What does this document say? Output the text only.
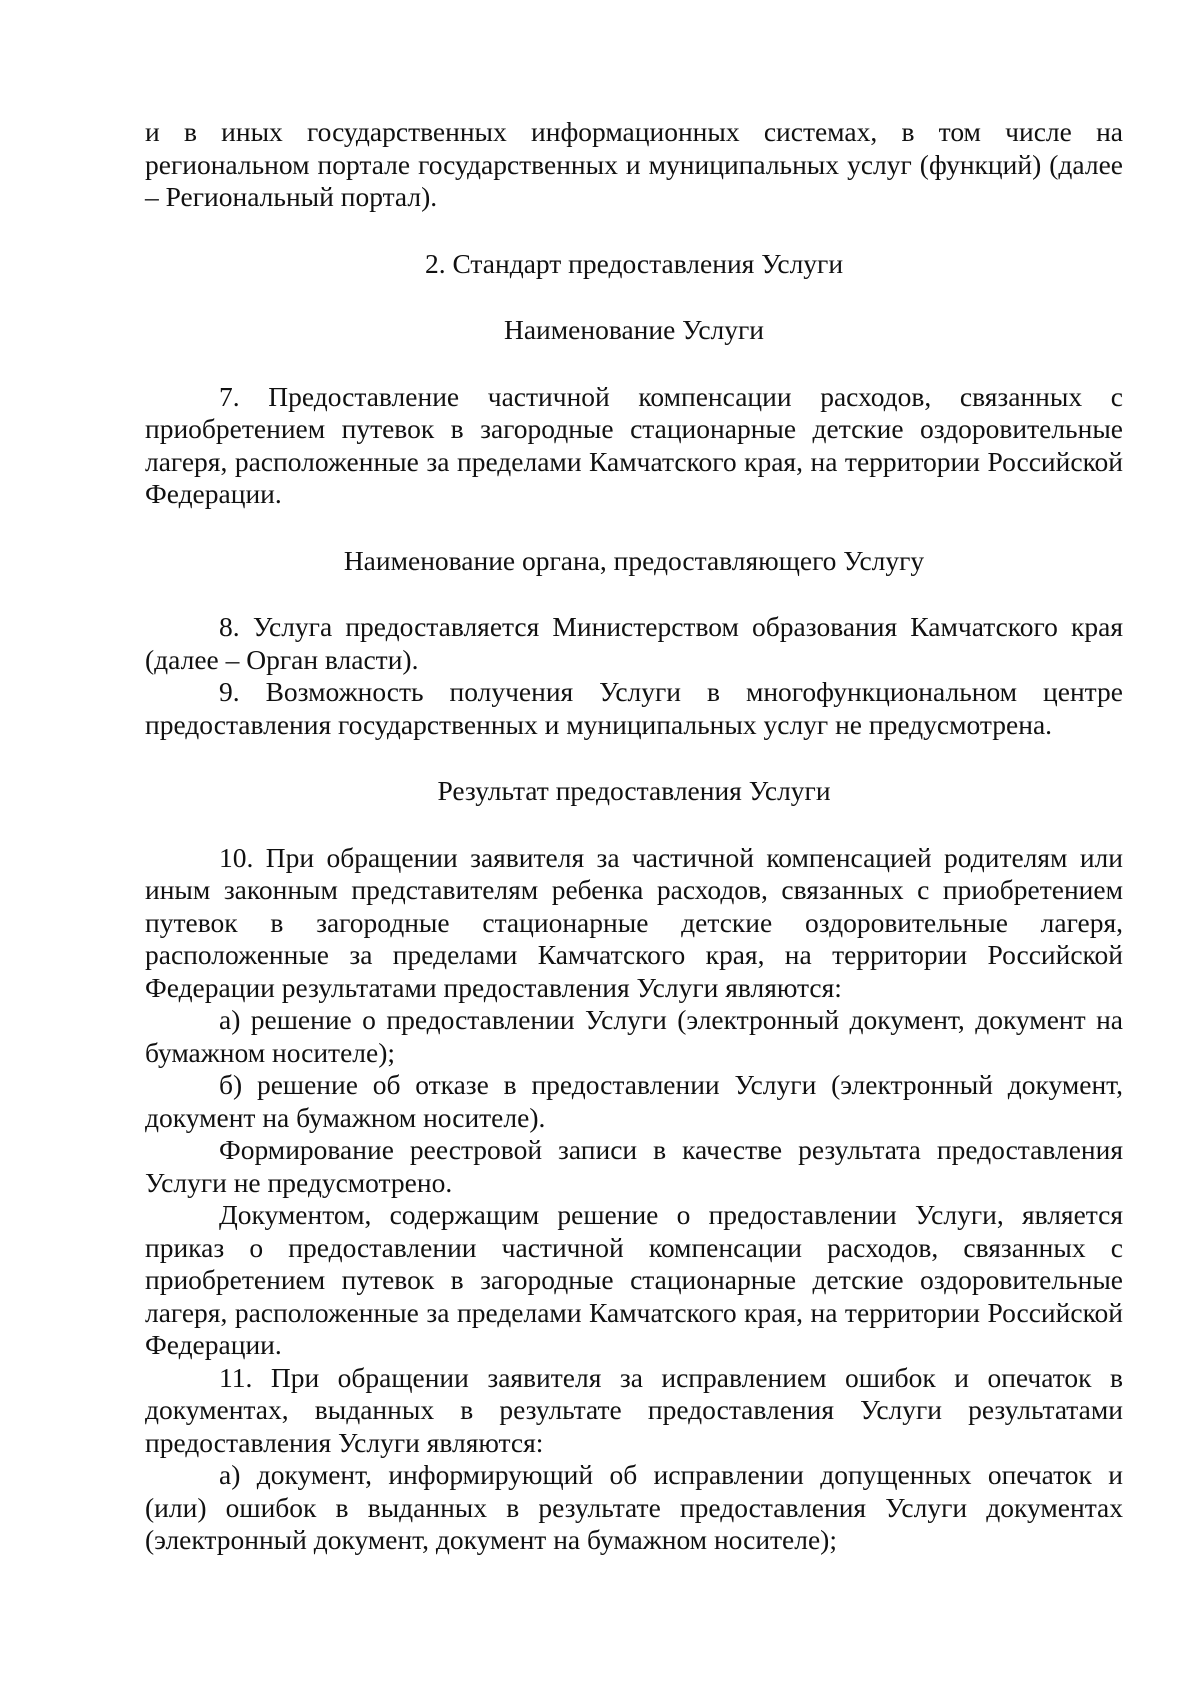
и в иных государственных информационных системах, в том числе на региональном портале государственных и муниципальных услуг (функций) (далее – Региональный портал).

2. Стандарт предоставления Услуги

Наименование Услуги

7. Предоставление частичной компенсации расходов, связанных с приобретением путевок в загородные стационарные детские оздоровительные лагеря, расположенные за пределами Камчатского края, на территории Российской Федерации.

Наименование органа, предоставляющего Услугу

8. Услуга предоставляется Министерством образования Камчатского края (далее – Орган власти).

9. Возможность получения Услуги в многофункциональном центре предоставления государственных и муниципальных услуг не предусмотрена.

Результат предоставления Услуги

10. При обращении заявителя за частичной компенсацией родителям или иным законным представителям ребенка расходов, связанных с приобретением путевок в загородные стационарные детские оздоровительные лагеря, расположенные за пределами Камчатского края, на территории Российской Федерации результатами предоставления Услуги являются:

а) решение о предоставлении Услуги (электронный документ, документ на бумажном носителе);

б) решение об отказе в предоставлении Услуги (электронный документ, документ на бумажном носителе).

Формирование реестровой записи в качестве результата предоставления Услуги не предусмотрено.

Документом, содержащим решение о предоставлении Услуги, является приказ о предоставлении частичной компенсации расходов, связанных с приобретением путевок в загородные стационарные детские оздоровительные лагеря, расположенные за пределами Камчатского края, на территории Российской Федерации.

11. При обращении заявителя за исправлением ошибок и опечаток в документах, выданных в результате предоставления Услуги результатами предоставления Услуги являются:

а) документ, информирующий об исправлении допущенных опечаток и (или) ошибок в выданных в результате предоставления Услуги документах (электронный документ, документ на бумажном носителе);
